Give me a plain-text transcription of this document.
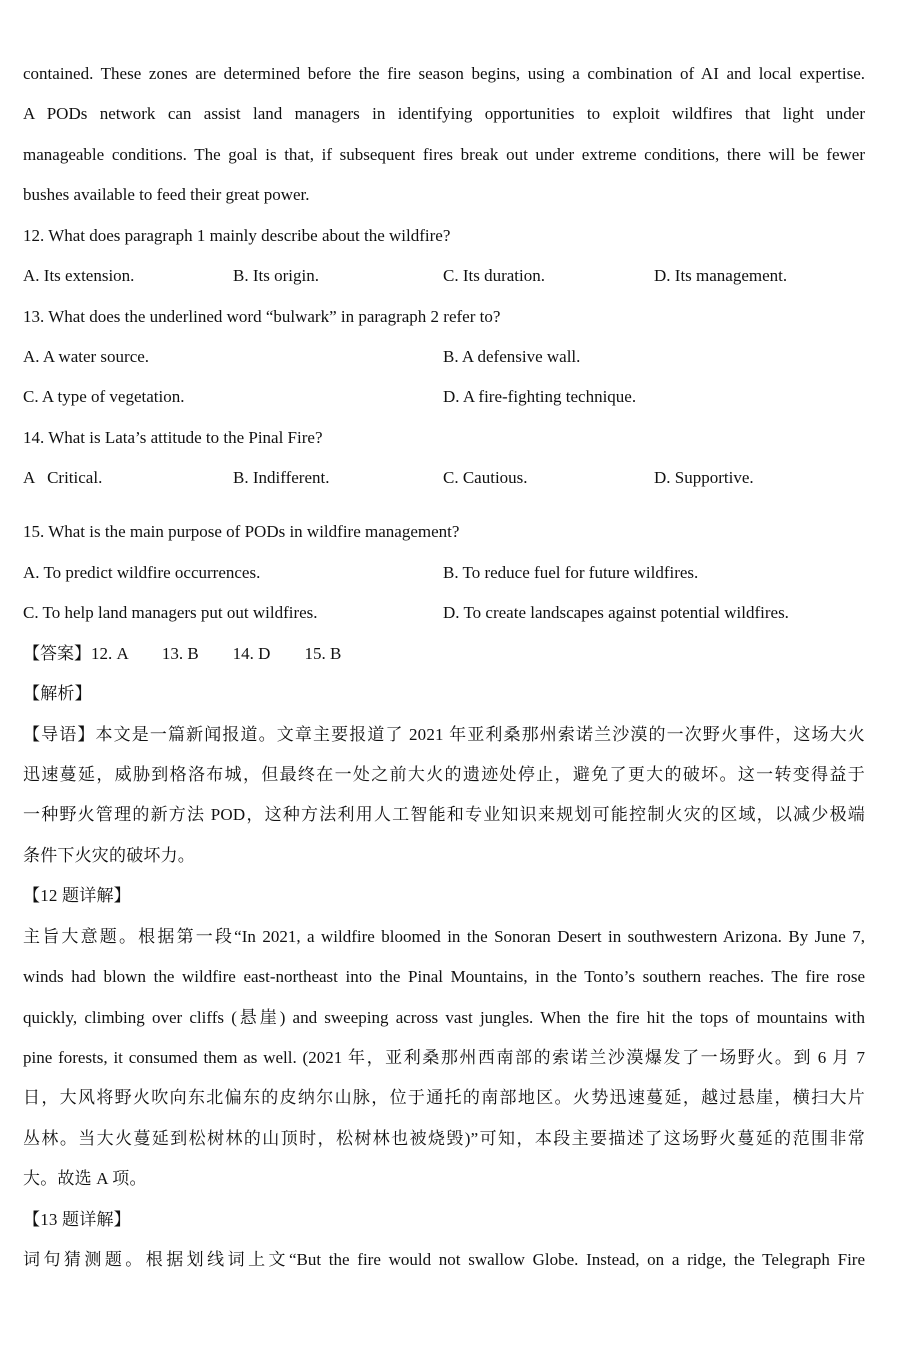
contained. These zones are determined before the fire season begins, using a combination of AI and local expertise.
A PODs network can assist land managers in identifying opportunities to exploit wildfires that light under
manageable conditions. The goal is that, if subsequent fires break out under extreme conditions, there will be fewer
bushes available to feed their great power.
12. What does paragraph 1 mainly describe about the wildfire?
A. Its extension.	B. Its origin.	C. Its duration.	D. Its management.
13. What does the underlined word “bulwark” in paragraph 2 refer to?
A. A water source.	B. A defensive wall.
C. A type of vegetation.	D. A fire-fighting technique.
14. What is Lata’s attitude to the Pinal Fire?
A   Critical.	B. Indifferent.	C. Cautious.	D. Supportive.
15. What is the main purpose of PODs in wildfire management?
A. To predict wildfire occurrences.	B. To reduce fuel for future wildfires.
C. To help land managers put out wildfires.	D. To create landscapes against potential wildfires.
【答案】12. A        13. B        14. D        15. B
【解析】
【导语】本文是一篇新闻报道。文章主要报道了 2021 年亚利桑那州索诺兰沙漠的一次野火事件，这场大火
迅速蔓延，威胁到格洛布城，但最终在一处之前大火的遗迹处停止，避免了更大的破坏。这一转变得益于
一种野火管理的新方法 POD，这种方法利用人工智能和专业知识来规划可能控制火灾的区域，以减少极端
条件下火灾的破坏力。
【12 题详解】
主旨大意题。根据第一段“In 2021, a wildfire bloomed in the Sonoran Desert in southwestern Arizona. By June 7,
winds had blown the wildfire east-northeast into the Pinal Mountains, in the Tonto’s southern reaches. The fire rose
quickly, climbing over cliffs (悬崖) and sweeping across vast jungles. When the fire hit the tops of mountains with
pine forests, it consumed them as well. (2021 年，亚利桑那州西南部的索诺兰沙漠爆发了一场野火。到 6 月 7
日，大风将野火吹向东北偏东的皮纳尔山脉，位于通托的南部地区。火势迅速蔓延，越过悬崖，横扫大片
丛林。当大火蔓延到松树林的山顶时，松树林也被烧毁)”可知，本段主要描述了这场野火蔓延的范围非常
大。故选 A 项。
【13 题详解】
词句猜测题。根据划线词上文“But the fire would not swallow Globe. Instead, on a ridge, the Telegraph Fire
